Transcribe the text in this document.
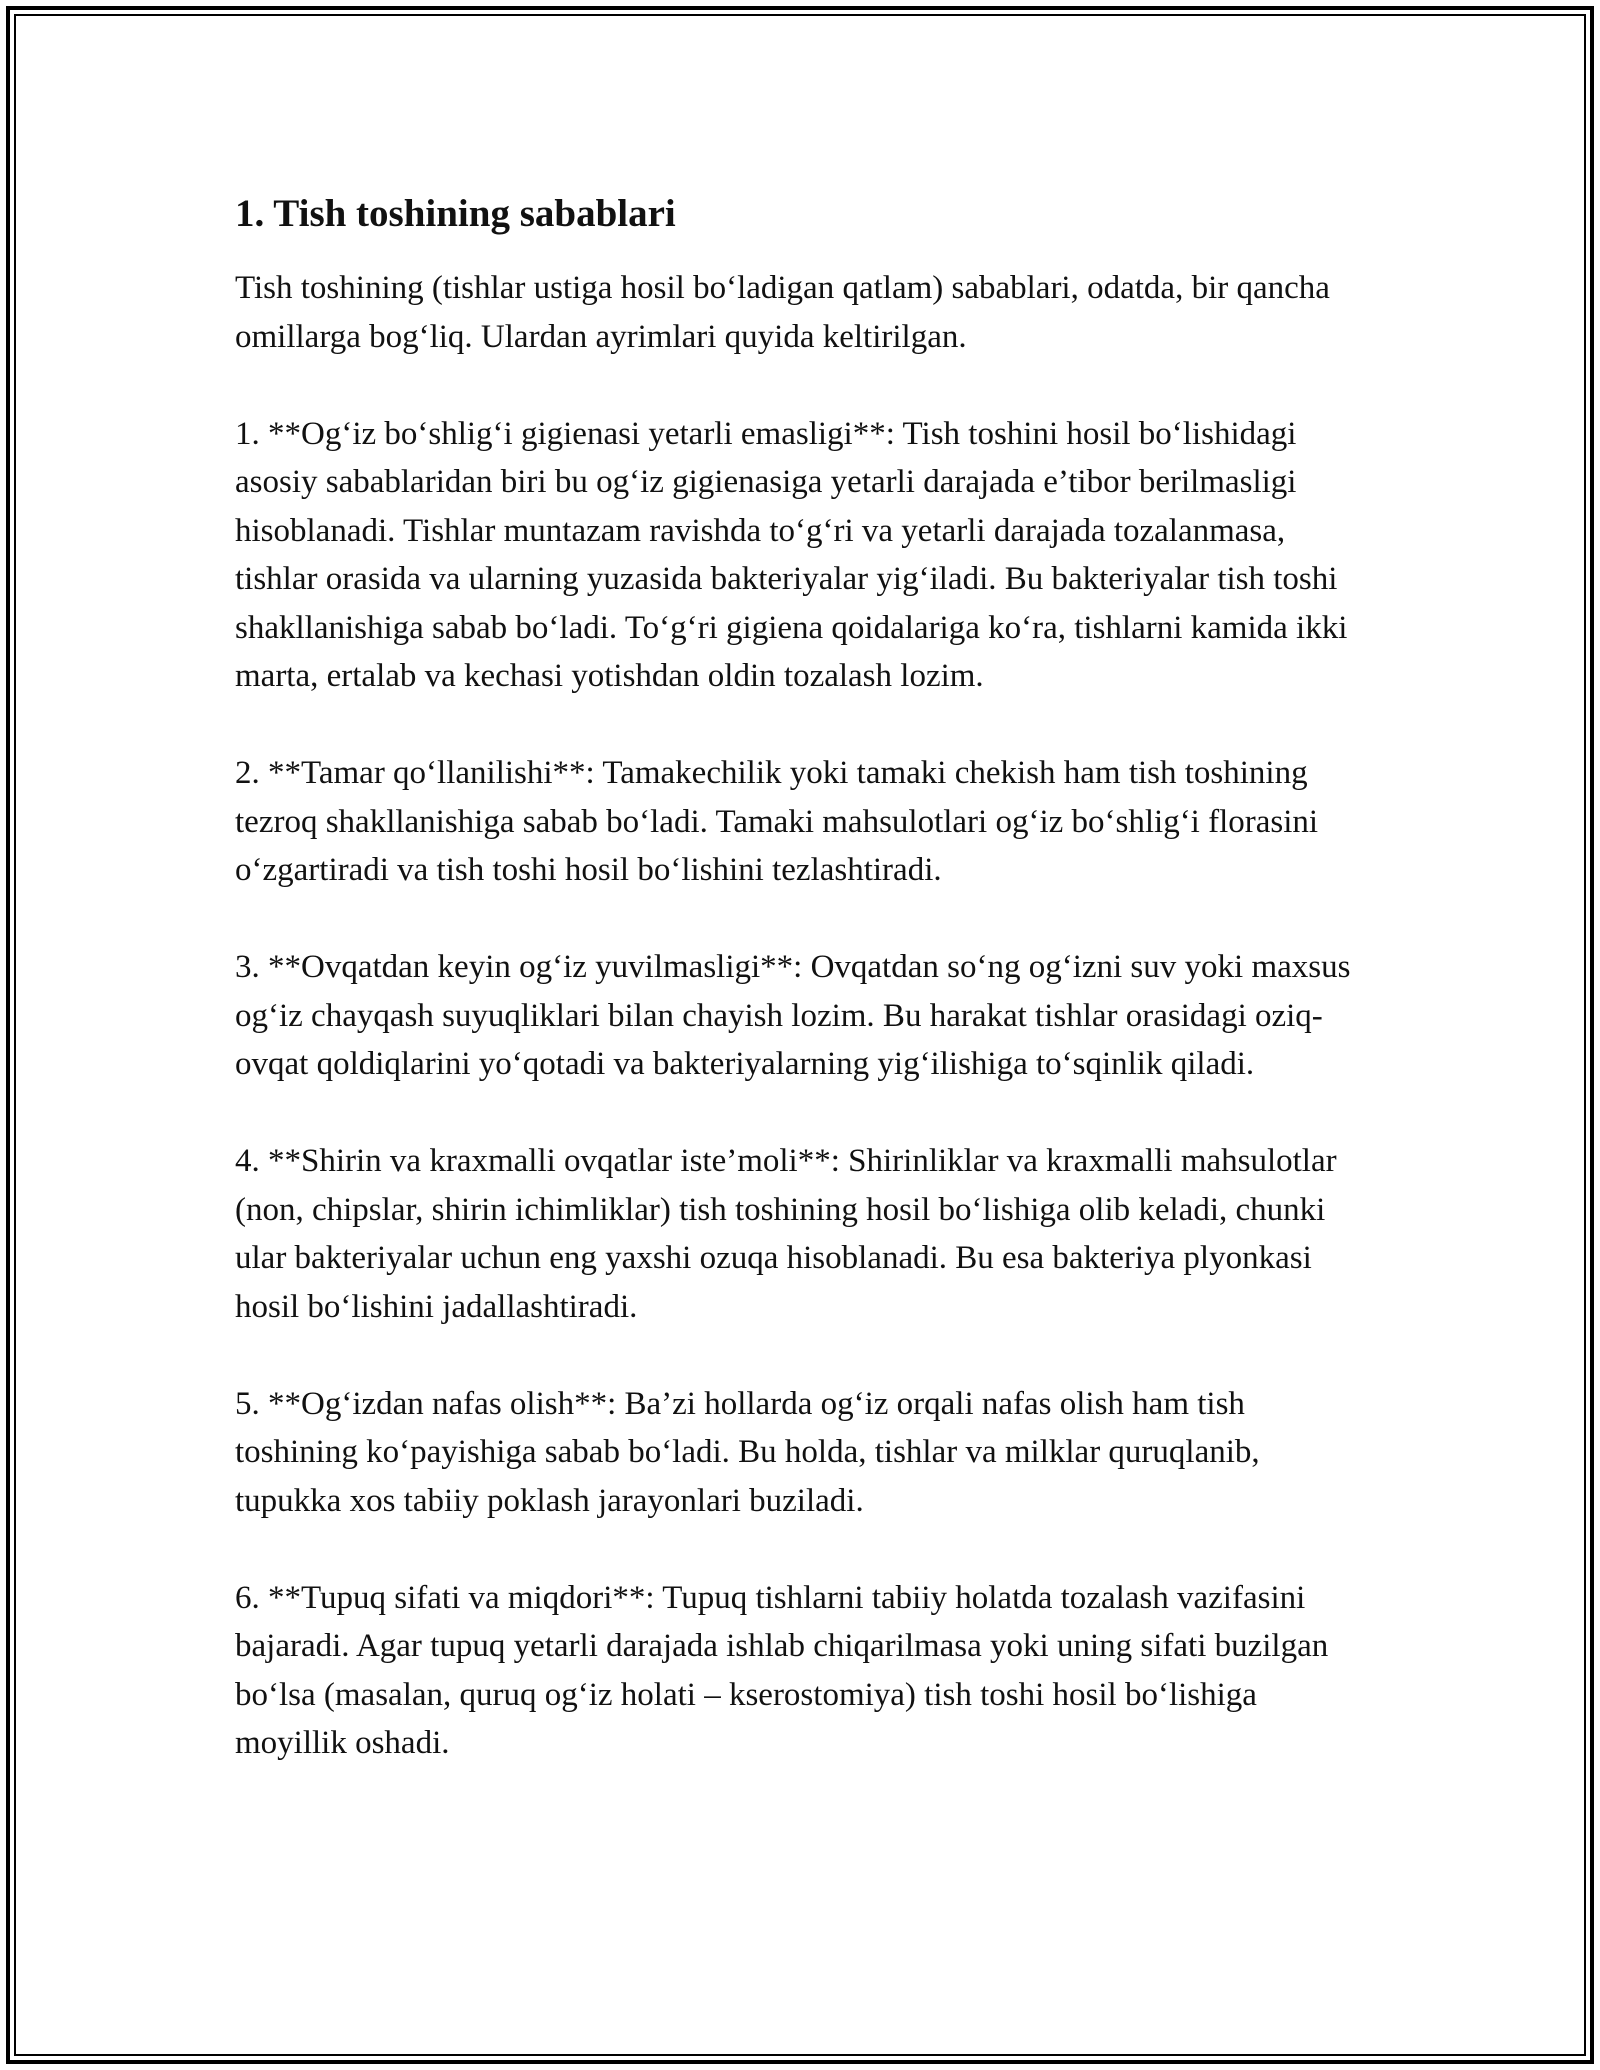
1. Tish toshining sabablari

Tish toshining (tishlar ustiga hosil bo‘ladigan qatlam) sabablari, odatda, bir qancha omillarga bog‘liq. Ulardan ayrimlari quyida keltirilgan.

1. **Og‘iz bo‘shlig‘i gigienasi yetarli emasligi**: Tish toshini hosil bo‘lishidagi asosiy sabablaridan biri bu og‘iz gigienasiga yetarli darajada e’tibor berilmasligi hisoblanadi. Tishlar muntazam ravishda to‘g‘ri va yetarli darajada tozalanmasa, tishlar orasida va ularning yuzasida bakteriyalar yig‘iladi. Bu bakteriyalar tish toshi shakllanishiga sabab bo‘ladi. To‘g‘ri gigiena qoidalariga ko‘ra, tishlarni kamida ikki marta, ertalab va kechasi yotishdan oldin tozalash lozim.

2. **Tamar qo‘llanilishi**: Tamakechilik yoki tamaki chekish ham tish toshining tezroq shakllanishiga sabab bo‘ladi. Tamaki mahsulotlari og‘iz bo‘shlig‘i florasini o‘zgartiradi va tish toshi hosil bo‘lishini tezlashtiradi.

3. **Ovqatdan keyin og‘iz yuvilmasligi**: Ovqatdan so‘ng og‘izni suv yoki maxsus og‘iz chayqash suyuqliklari bilan chayish lozim. Bu harakat tishlar orasidagi oziq-ovqat qoldiqlarini yo‘qotadi va bakteriyalarning yig‘ilishiga to‘sqinlik qiladi.

4. **Shirin va kraxmalli ovqatlar iste’moli**: Shirinliklar va kraxmalli mahsulotlar (non, chipslar, shirin ichimliklar) tish toshining hosil bo‘lishiga olib keladi, chunki ular bakteriyalar uchun eng yaxshi ozuqa hisoblanadi. Bu esa bakteriya plyonkasi hosil bo‘lishini jadallashtiradi.

5. **Og‘izdan nafas olish**: Ba’zi hollarda og‘iz orqali nafas olish ham tish toshining ko‘payishiga sabab bo‘ladi. Bu holda, tishlar va milklar quruqlanib, tupukka xos tabiiy poklash jarayonlari buziladi.

6. **Tupuq sifati va miqdori**: Tupuq tishlarni tabiiy holatda tozalash vazifasini bajaradi. Agar tupuq yetarli darajada ishlab chiqarilmasa yoki uning sifati buzilgan bo‘lsa (masalan, quruq og‘iz holati – kserostomiya) tish toshi hosil bo‘lishiga moyillik oshadi.
